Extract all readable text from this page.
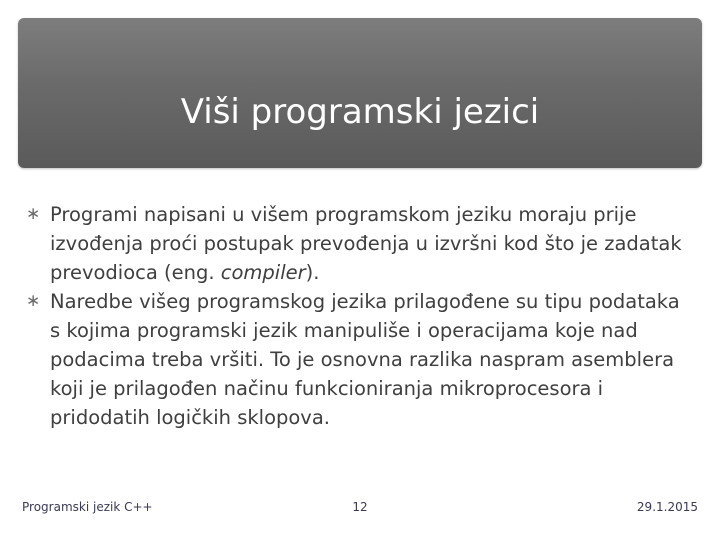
Viši programski jezici
∗ Programi napisani u višem programskom jeziku moraju prije izvođenja proći postupak prevođenja u izvršni kod što je zadatak prevodioca (eng. compiler).
∗ Naredbe višeg programskog jezika prilagođene su tipu podataka s kojima programski jezik manipuliše i operacijama koje nad podacima treba vršiti. To je osnovna razlika naspram asemblera koji je prilagođen načinu funkcioniranja mikroprocesora i pridodatih logičkih sklopova.
Programski jezik C++	12	29.1.2015
